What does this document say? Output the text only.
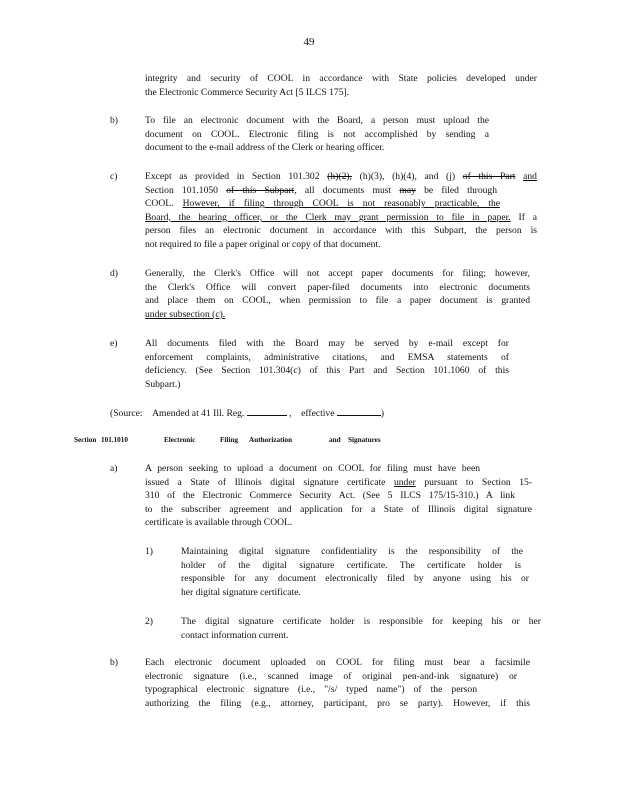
49
integrity and security of COOL in accordance with State policies developed under
the Electronic Commerce Security Act [5 ILCS 175].
b)	To file an electronic document with the Board, a person must upload the
document on COOL. Electronic filing is not accomplished by sending a
document to the e-mail address of the Clerk or hearing officer.
c)	Except as provided in Section 101.302 (h)(2), (h)(3), (h)(4), and (j) of this Part and
Section 101.1050 of this Subpart, all documents must may be filed through
COOL. However, if filing through COOL is not reasonably practicable, the
Board, the hearing officer, or the Clerk may grant permission to file in paper. If a
person files an electronic document in accordance with this Subpart, the person is
not required to file a paper original or copy of that document.
d)	Generally, the Clerk's Office will not accept paper documents for filing; however,
the Clerk's Office will convert paper-filed documents into electronic documents
and place them on COOL, when permission to file a paper document is granted
under subsection (c).
e)	All documents filed with the Board may be served by e-mail except for
enforcement complaints, administrative citations, and EMSA statements of
deficiency. (See Section 101.304(c) of this Part and Section 101.1060 of this
Subpart.)
(Source: Amended at 41 Ill. Reg.	,    effective	)
Section 101.1010	Electronic	Filing Authorization	and Signatures
a)	A person seeking to upload a document on COOL for filing must have been
issued a State of Illinois digital signature certificate under pursuant to Section 15-
310 of the Electronic Commerce Security Act. (See 5 ILCS 175/15-310.) A link
to the subscriber agreement and application for a State of Illinois digital signature
certificate is available through COOL.
1)	Maintaining digital signature confidentiality is the responsibility of the
holder of the digital signature certificate. The certificate holder is
responsible for any document electronically filed by anyone using his or
her digital signature certificate.
2)	The digital signature certificate holder is responsible for keeping his or her
contact information current.
b)	Each electronic document uploaded on COOL for filing must bear a facsimile
electronic signature (i.e., scanned image of original pen-and-ink signature) or
typographical electronic signature (i.e., "/s/ typed name") of the person
authorizing the filing (e.g., attorney, participant, pro se party). However, if this
